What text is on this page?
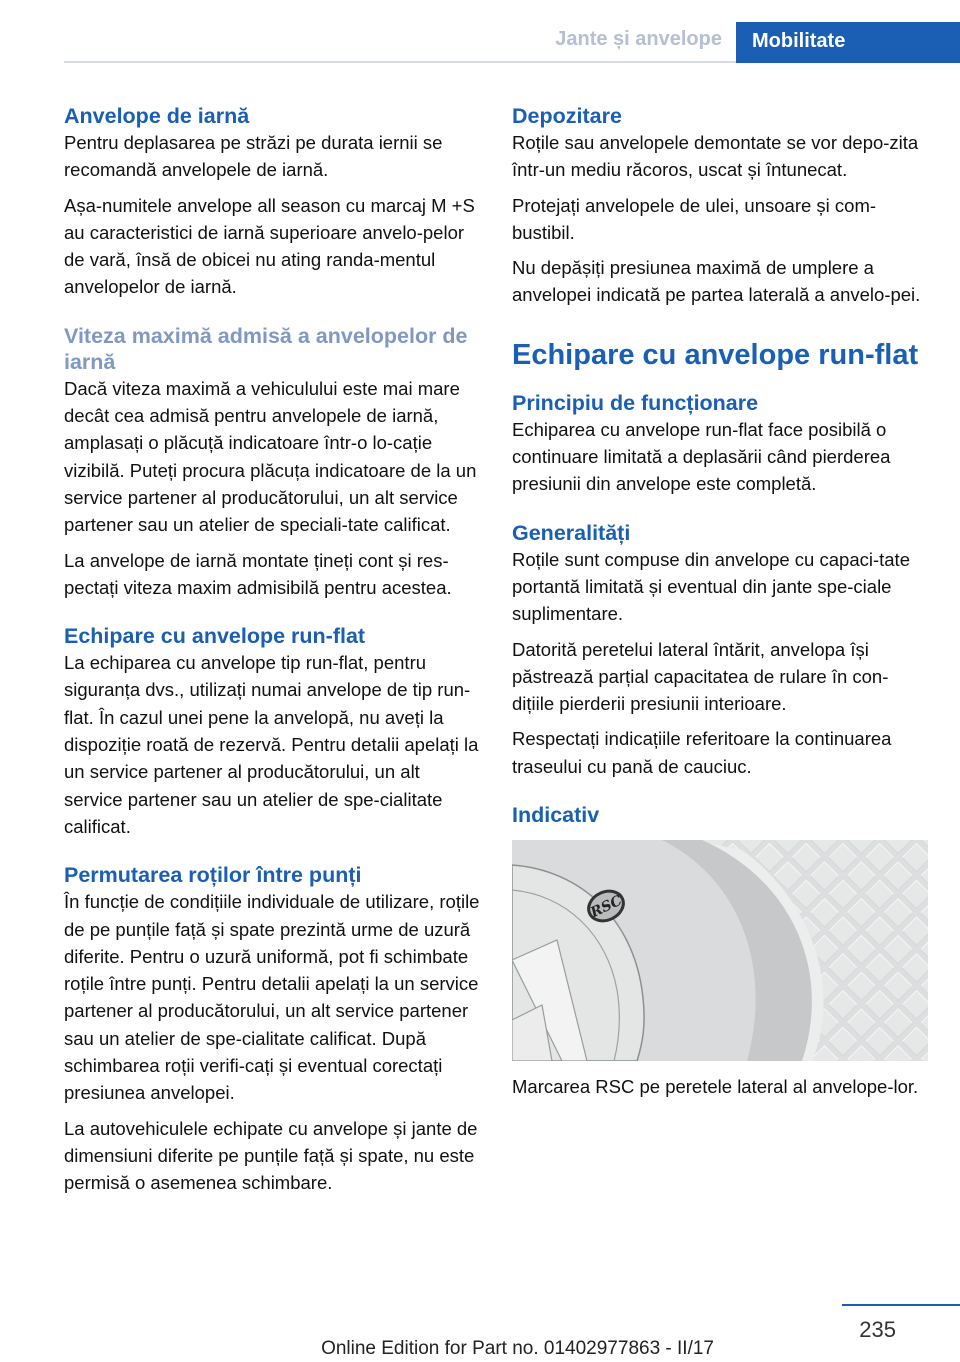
Jante și anvelope	Mobilitate
Anvelope de iarnă

Pentru deplasarea pe străzi pe durata iernii se recomandă anvelopele de iarnă.

Așa-numitele anvelope all season cu marcaj M +S au caracteristici de iarnă superioare anvelo‐pelor de vară, însă de obicei nu ating randa‐mentul anvelopelor de iarnă.

Viteza maximă admisă a anvelopelor de iarnă

Dacă viteza maximă a vehiculului este mai mare decât cea admisă pentru anvelopele de iarnă, amplasați o plăcuță indicatoare într-o lo‐cație vizibilă. Puteți procura plăcuța indicatoare de la un service partener al producătorului, un alt service partener sau un atelier de speciali‐tate calificat.

La anvelope de iarnă montate țineți cont și res‐pectați viteza maxim admisibilă pentru acestea.

Echipare cu anvelope run-flat

La echiparea cu anvelope tip run-flat, pentru siguranța dvs., utilizați numai anvelope de tip run-flat. În cazul unei pene la anvelopă, nu aveți la dispoziție roată de rezervă. Pentru detalii apelați la un service partener al producătorului, un alt service partener sau un atelier de spe‐cialitate calificat.

Permutarea roților între punți

În funcție de condițiile individuale de utilizare, roțile de pe punțile față și spate prezintă urme de uzură diferite. Pentru o uzură uniformă, pot fi schimbate roțile între punți. Pentru detalii apelați la un service partener al producătorului, un alt service partener sau un atelier de spe‐cialitate calificat. După schimbarea roții verifi‐cați și eventual corectați presiunea anvelopei.

La autovehiculele echipate cu anvelope și jante de dimensiuni diferite pe punțile față și spate, nu este permisă o asemenea schimbare.

Depozitare

Roțile sau anvelopele demontate se vor depo‐zita într-un mediu răcoros, uscat și întunecat.

Protejați anvelopele de ulei, unsoare și com‐bustibil.

Nu depășiți presiunea maximă de umplere a anvelopei indicată pe partea laterală a anvelo‐pei.

Echipare cu anvelope run-flat
Principiu de funcționare

Echiparea cu anvelope run-flat face posibilă o continuare limitată a deplasării când pierderea presiunii din anvelope este completă.

Generalități

Roțile sunt compuse din anvelope cu capaci‐tate portantă limitată și eventual din jante spe‐ciale suplimentare.

Datorită peretelui lateral întărit, anvelopa își păstrează parțial capacitatea de rulare în con‐dițiile pierderii presiunii interioare.

Respectați indicațiile referitoare la continuarea traseului cu pană de cauciuc.

Indicativ
RSC

Marcarea RSC pe peretele lateral al anvelope‐lor.

235
Online Edition for Part no. 01402977863 - II/17
